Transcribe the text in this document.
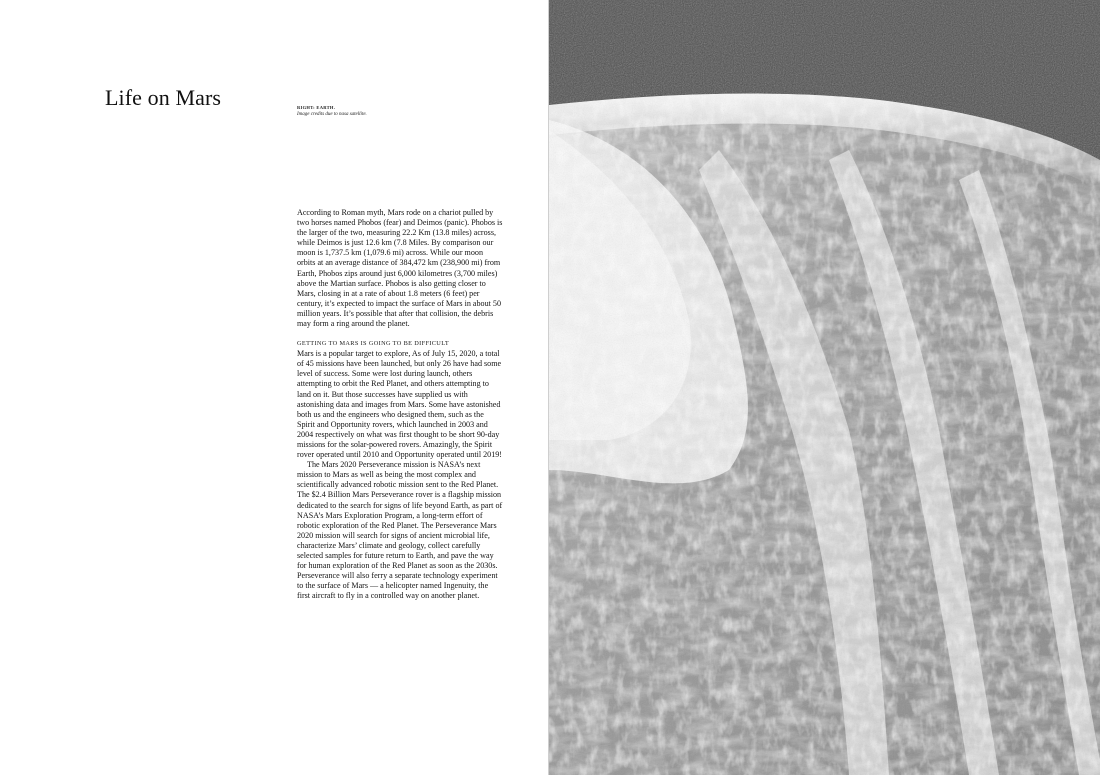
Life on Mars	RIGHT: EARTH.
Image credits due to nasa satellite.

According to Roman myth, Mars rode on a chariot pulled by two horses named Phobos (fear) and Deimos (panic). Phobos is the larger of the two, measuring 22.2 Km (13.8 miles) across, while Deimos is just 12.6 km (7.8 Miles. By comparison our moon is 1,737.5 km (1,079.6 mi) across. While our moon orbits at an average distance of 384,472 km (238,900 mi) from Earth, Phobos zips around just 6,000 kilometres (3,700 miles) above the Martian surface. Phobos is also getting closer to Mars, closing in at a rate of about 1.8 meters (6 feet) per century, it’s expected to impact the surface of Mars in about 50 million years. It’s possible that after that collision, the debris may form a ring around the planet.

GETTING TO MARS IS GOING TO BE DIFFICULT

Mars is a popular target to explore, As of July 15, 2020, a total of 45 missions have been launched, but only 26 have had some level of success. Some were lost during launch, others attempting to orbit the Red Planet, and others attempting to land on it. But those successes have supplied us with astonishing data and images from Mars. Some have astonished both us and the engineers who designed them, such as the Spirit and Opportunity rovers, which launched in 2003 and 2004 respectively on what was first thought to be short 90-day missions for the solar-powered rovers. Amazingly, the Spirit rover operated until 2010 and Opportunity operated until 2019!

The Mars 2020 Perseverance mission is NASA’s next mission to Mars as well as being the most complex and scientifically advanced robotic mission sent to the Red Planet. The $2.4 Billion Mars Perseverance rover is a flagship mission dedicated to the search for signs of life beyond Earth, as part of NASA’s Mars Exploration Program, a long-term effort of robotic exploration of the Red Planet. The Perseverance Mars 2020 mission will search for signs of ancient microbial life, characterize Mars’ climate and geology, collect carefully selected samples for future return to Earth, and pave the way for human exploration of the Red Planet as soon as the 2030s. Perseverance will also ferry a separate technology experiment to the surface of Mars — a helicopter named Ingenuity, the first aircraft to fly in a controlled way on another planet.
